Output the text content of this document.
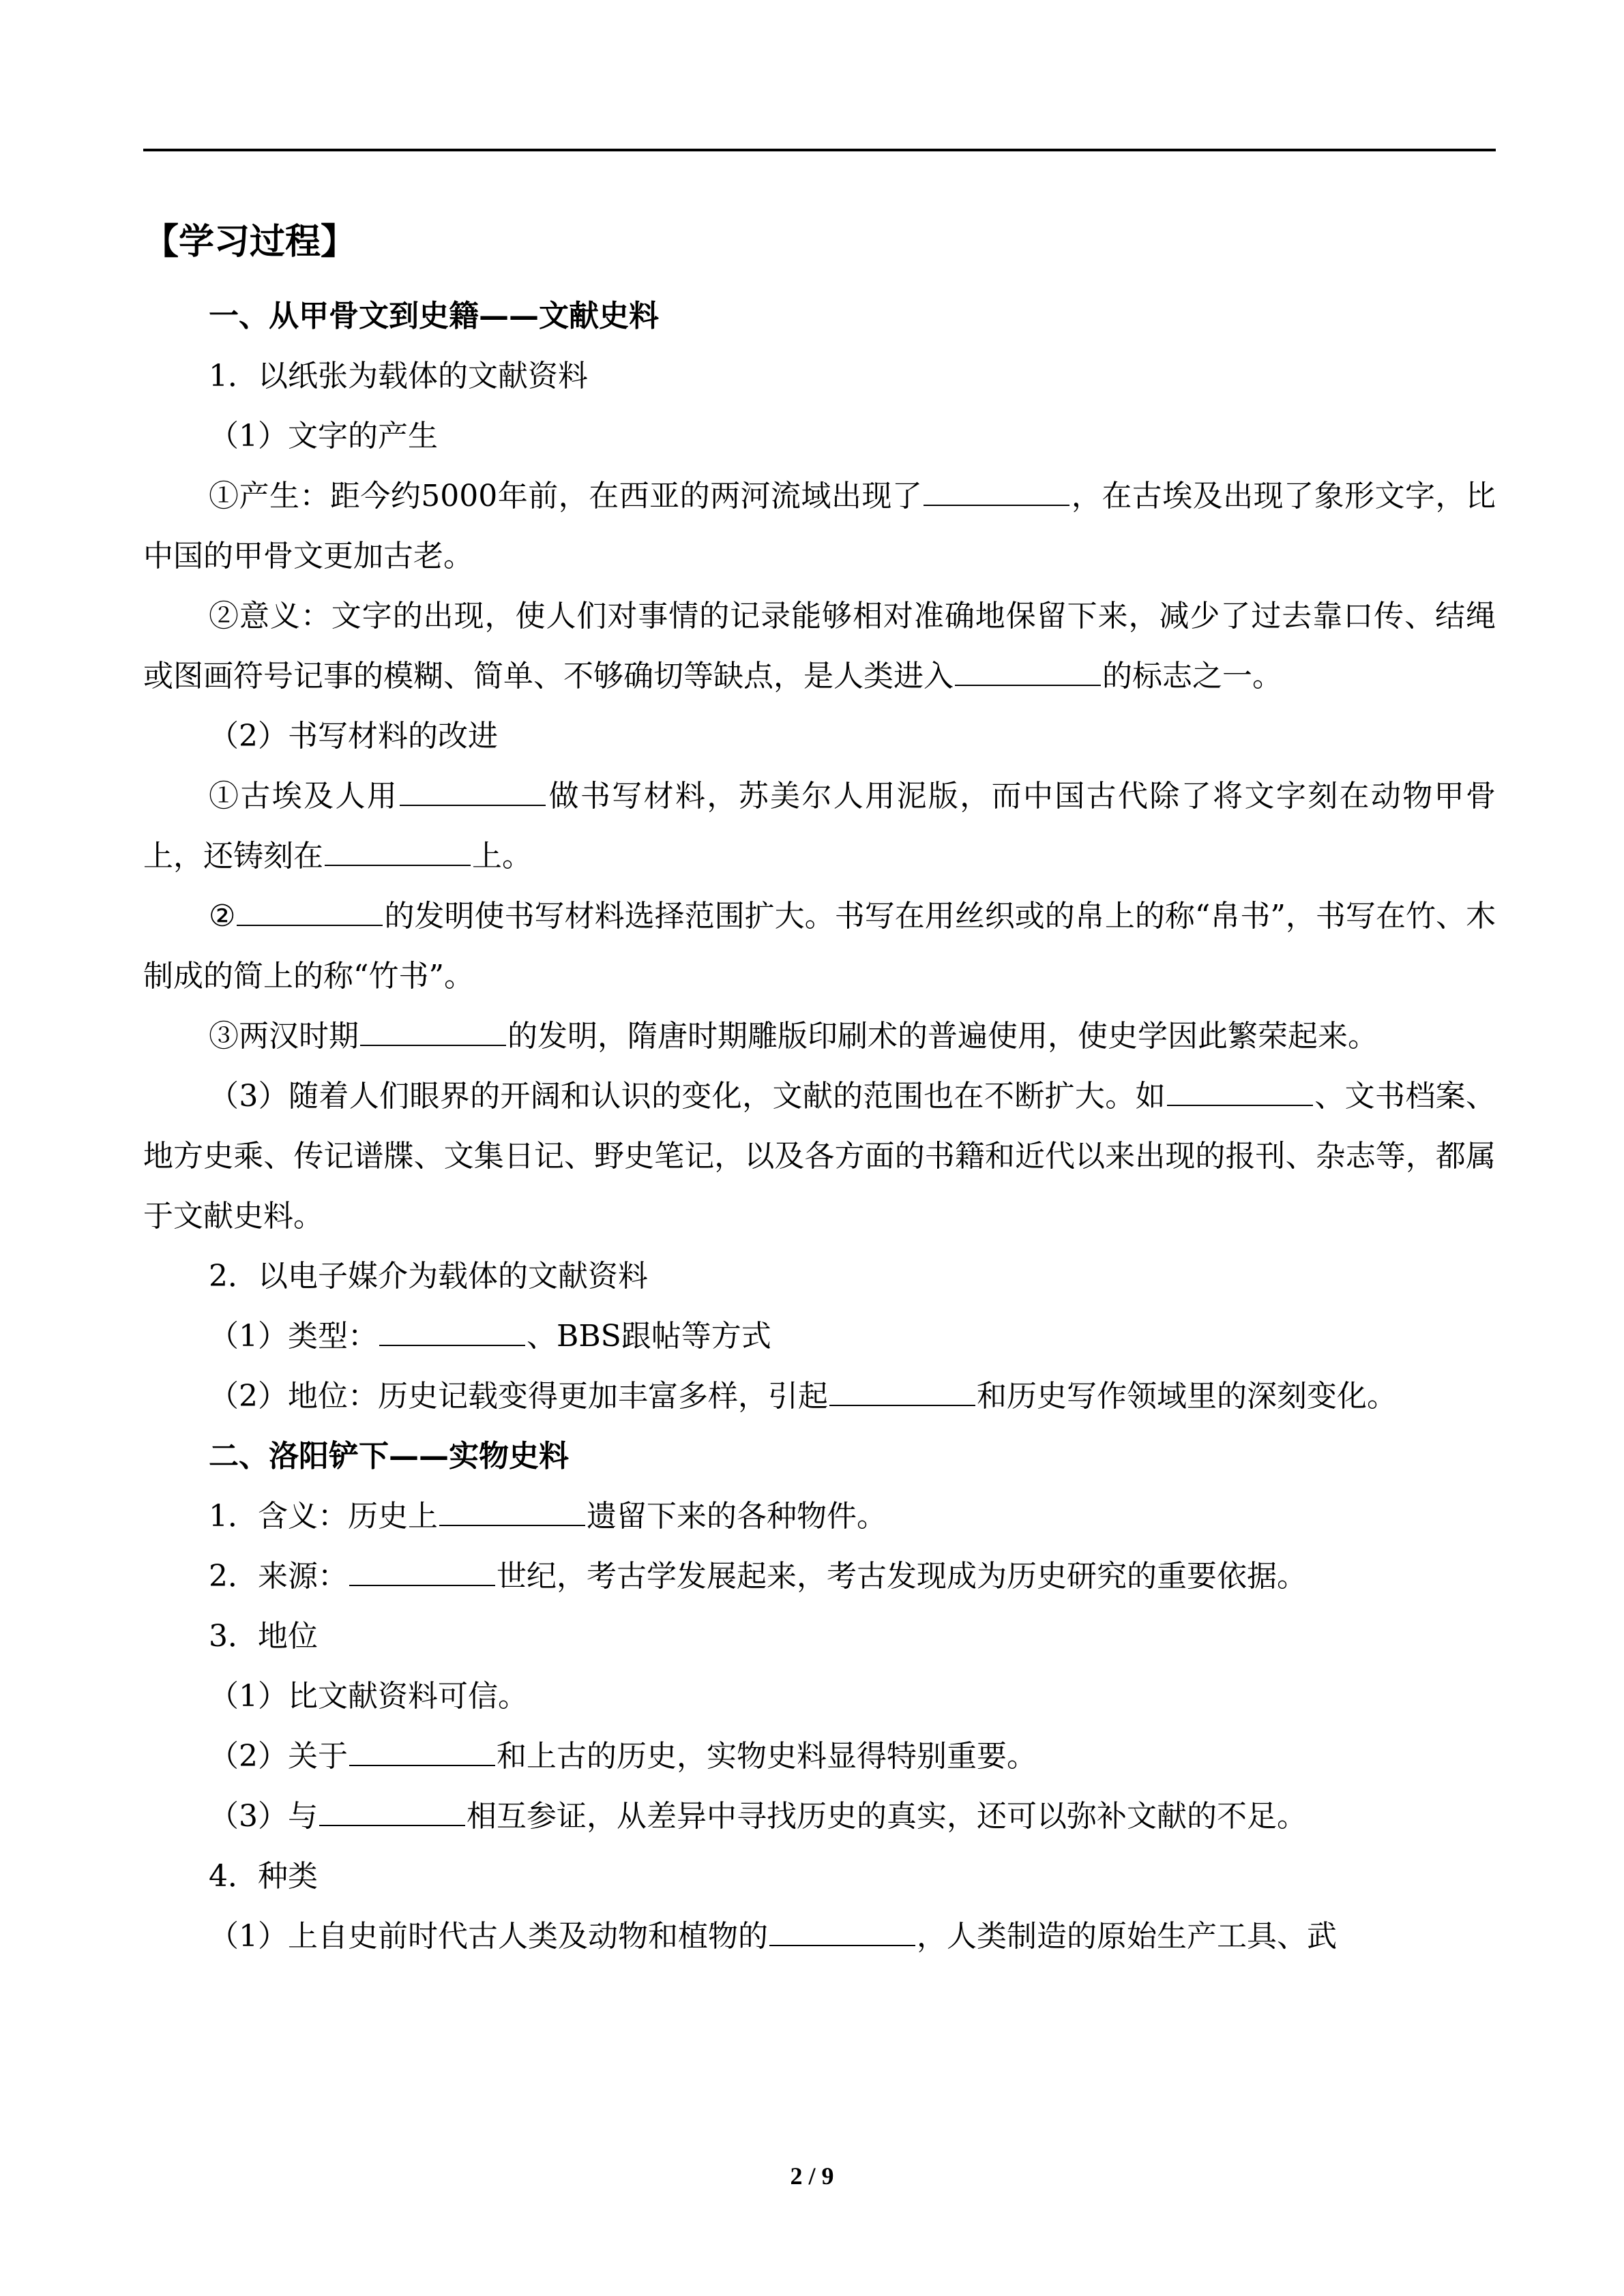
【学习过程】
一、从甲骨文到史籍——文献史料
1．以纸张为载体的文献资料
（1）文字的产生
①产生：距今约5000年前，在西亚的两河流域出现了	，在古埃及出现了象形文字，比中国的甲骨文更加古老。
②意义：文字的出现，使人们对事情的记录能够相对准确地保留下来，减少了过去靠口传、结绳或图画符号记事的模糊、简单、不够确切等缺点，是人类进入	的标志之一。
（2）书写材料的改进
①古埃及人用	做书写材料，苏美尔人用泥版，而中国古代除了将文字刻在动物甲骨上，还铸刻在	上。
②	的发明使书写材料选择范围扩大。书写在用丝织或的帛上的称“帛书”，书写在竹、木制成的简上的称“竹书”。
③两汉时期	的发明，隋唐时期雕版印刷术的普遍使用，使史学因此繁荣起来。
（3）随着人们眼界的开阔和认识的变化，文献的范围也在不断扩大。如	、文书档案、地方史乘、传记谱牒、文集日记、野史笔记，以及各方面的书籍和近代以来出现的报刊、杂志等，都属于文献史料。
2．以电子媒介为载体的文献资料
（1）类型：	、BBS跟帖等方式
（2）地位：历史记载变得更加丰富多样，引起	和历史写作领域里的深刻变化。
二、洛阳铲下——实物史料
1．含义：历史上	遗留下来的各种物件。
2．来源：	世纪，考古学发展起来，考古发现成为历史研究的重要依据。
3．地位
（1）比文献资料可信。
（2）关于	和上古的历史，实物史料显得特别重要。
（3）与	相互参证，从差异中寻找历史的真实，还可以弥补文献的不足。
4．种类
（1）上自史前时代古人类及动物和植物的	，人类制造的原始生产工具、武
2 / 9
